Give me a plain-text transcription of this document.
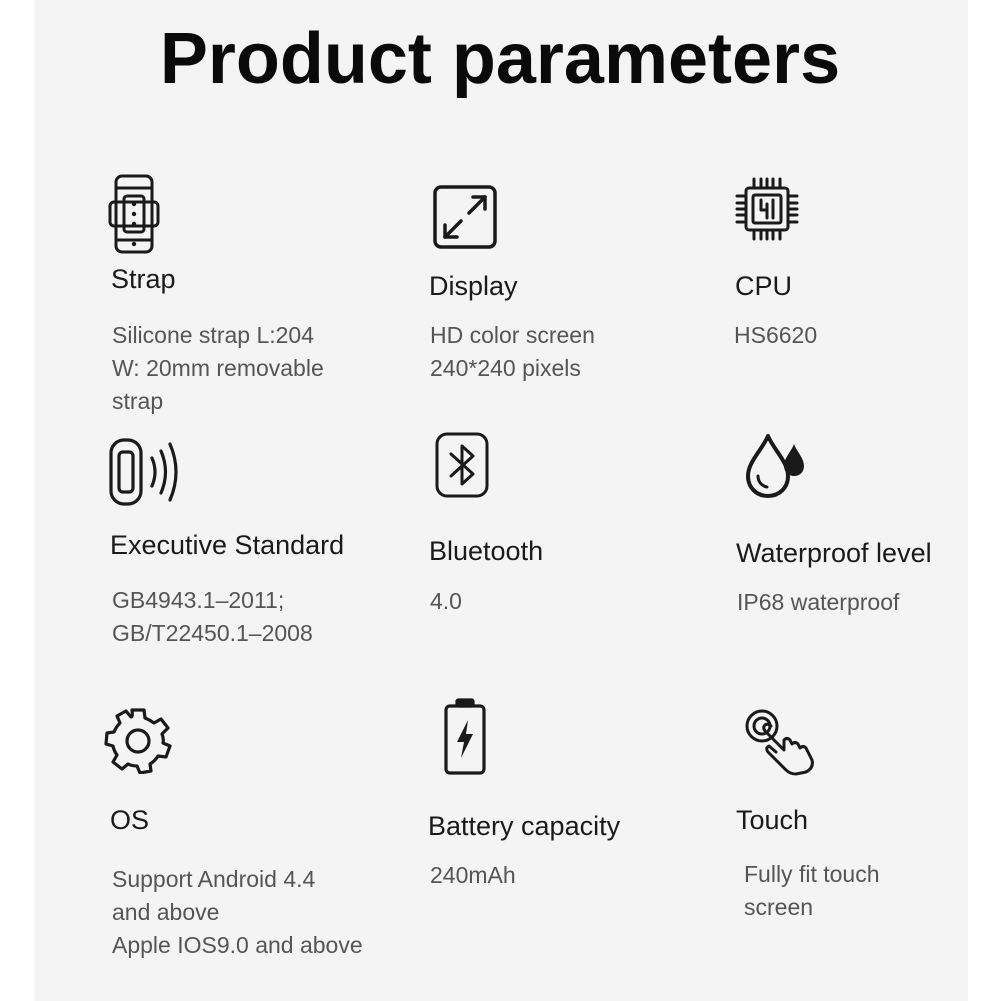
Product parameters
Strap
Silicone strap L:204
W: 20mm removable
strap
Display
HD color screen
240*240 pixels
CPU
HS6620
Executive Standard
GB4943.1–2011;
GB/T22450.1–2008
Bluetooth
4.0
Waterproof level
IP68 waterproof
OS
Support Android 4.4
and above
Apple IOS9.0 and above
Battery capacity
240mAh
Touch
Fully fit touch
screen
